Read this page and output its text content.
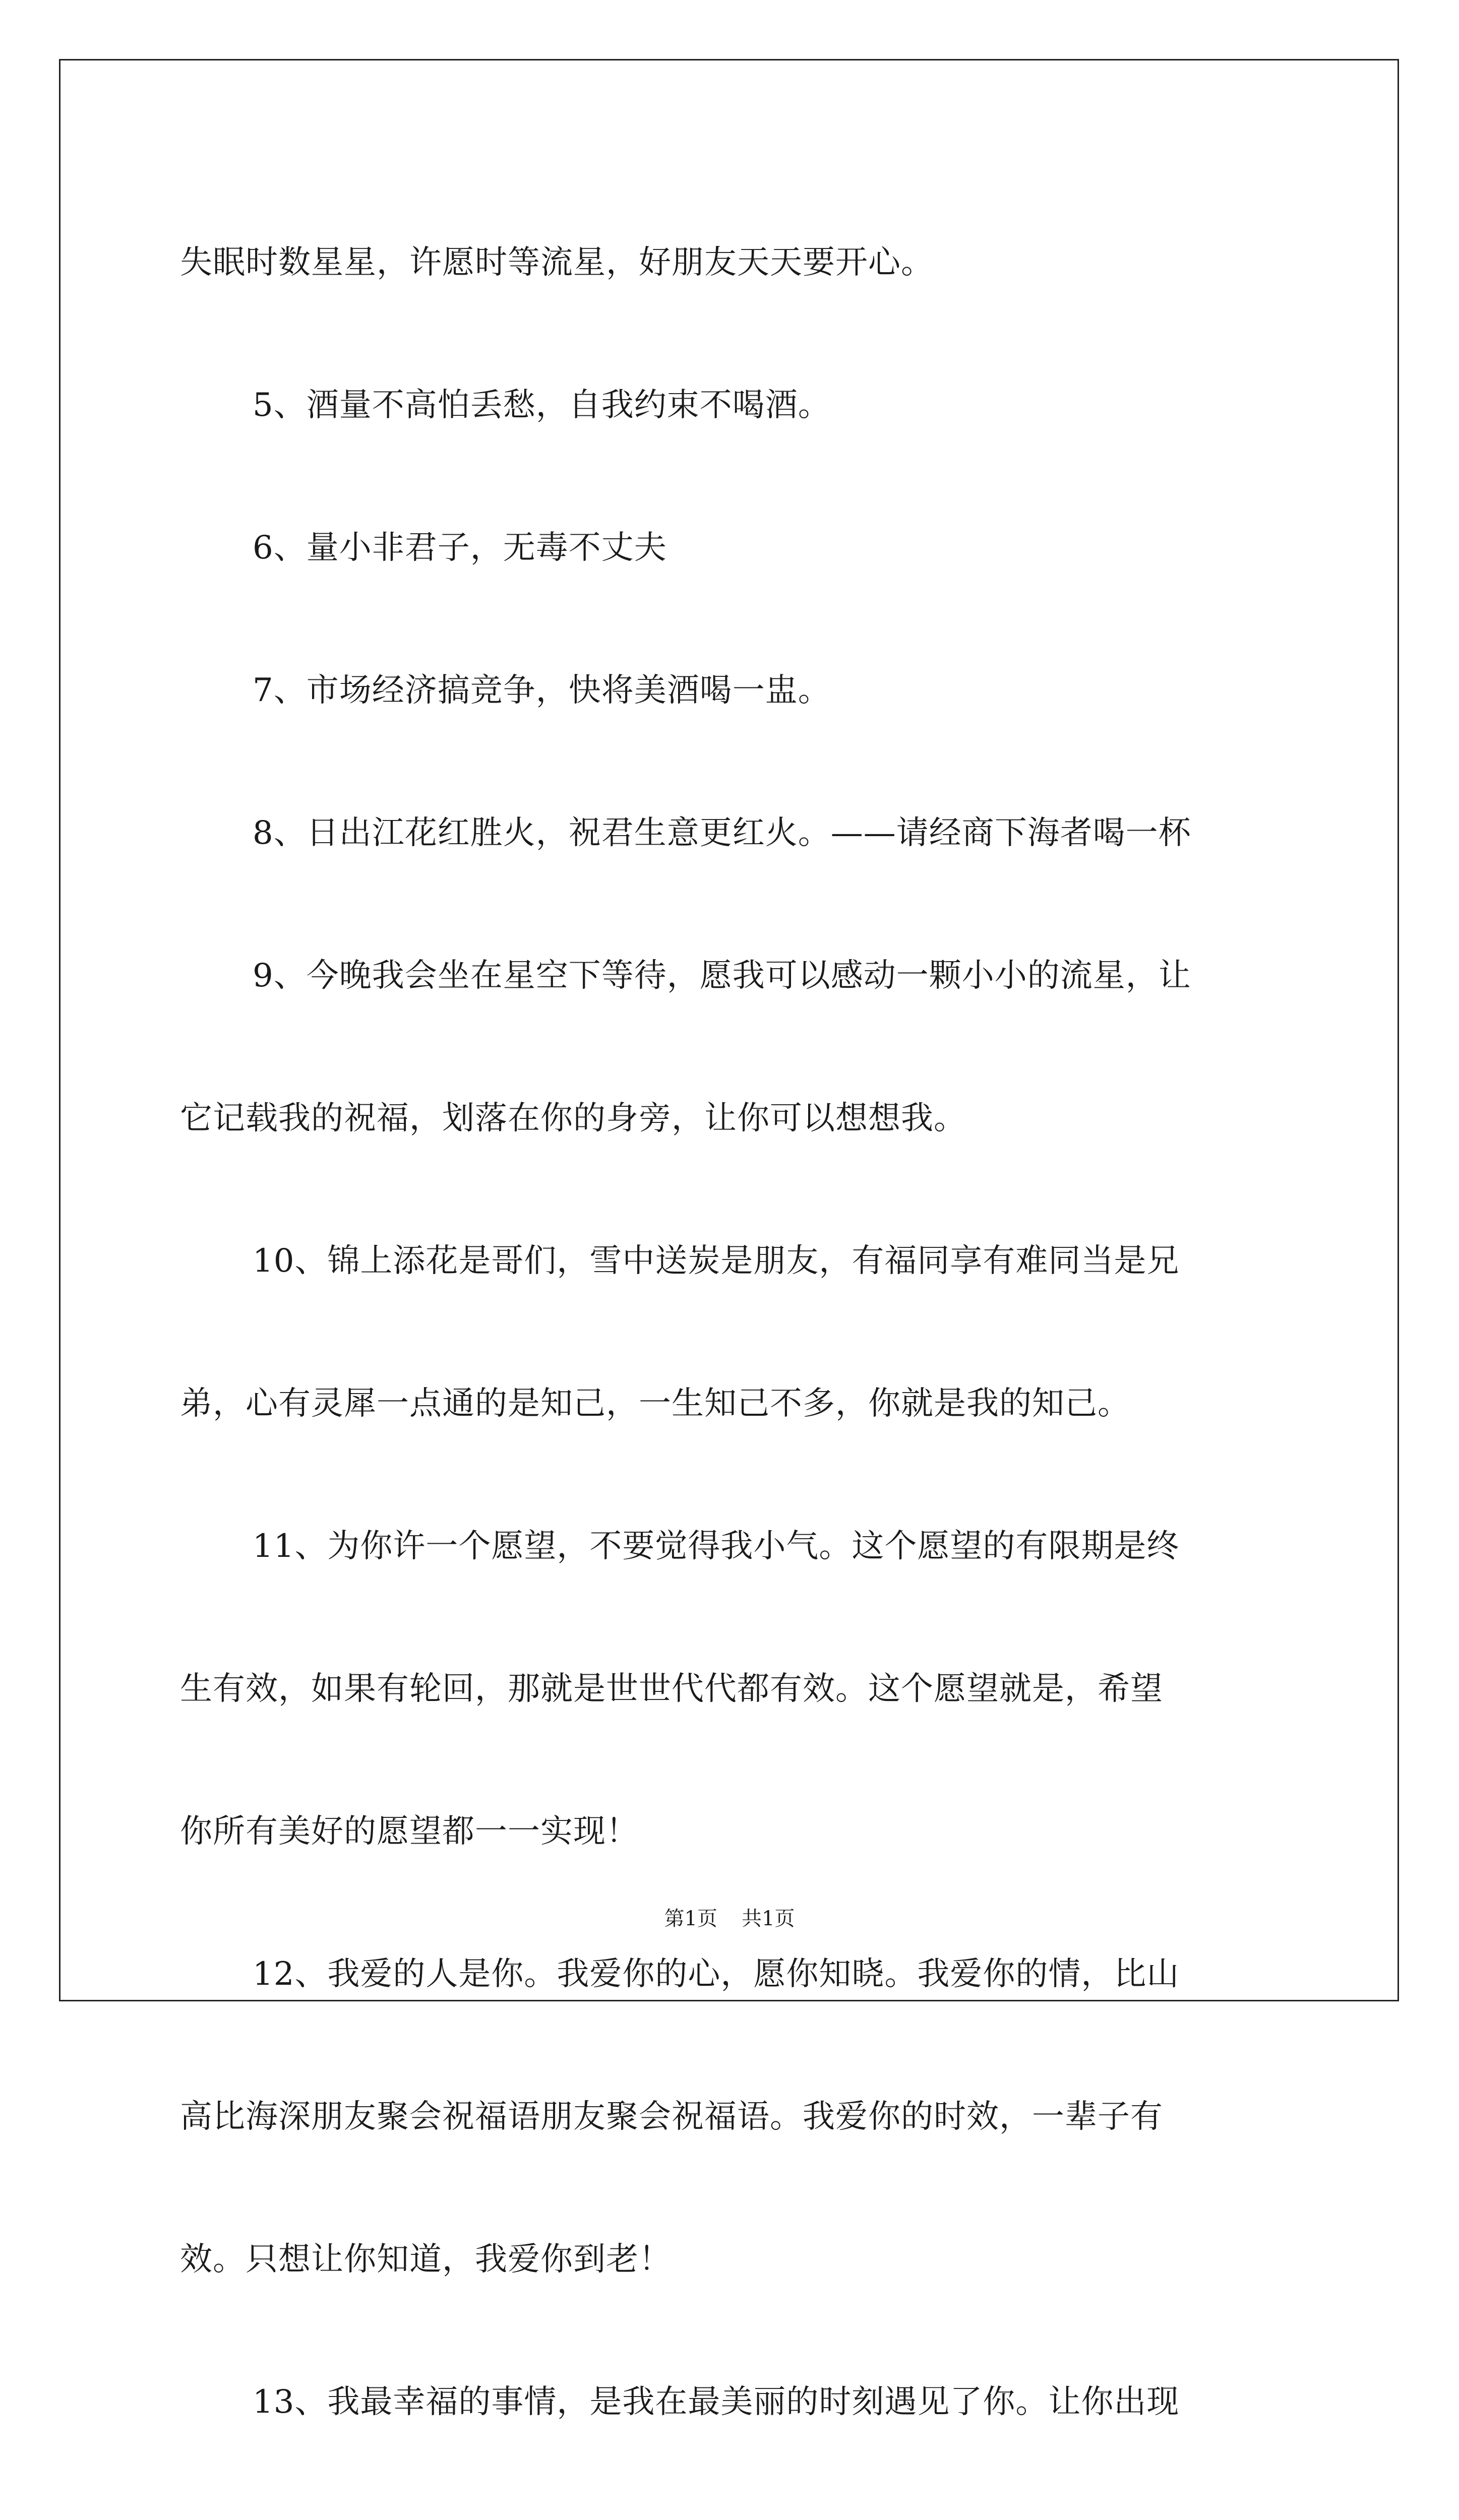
失眠时数星星，许愿时等流星，好朋友天天要开心。

5、酒量不高怕丢愁，自我约束不喝酒。

6、量小非君子，无毒不丈夫

7、市场经济搞竞争，快将美酒喝一盅。

8、日出江花红胜火，祝君生意更红火。——请经商下海者喝一杯

9、今晚我会坐在星空下等待，愿我可以感动一颗小小的流星，让

它记载我的祝福，划落在你的身旁，让你可以想想我。

10、锦上添花是哥们，雪中送炭是朋友，有福同享有难同当是兄

弟，心有灵犀一点通的是知己，一生知己不多，你就是我的知己。

11、为你许一个愿望，不要觉得我小气。这个愿望的有限期是终

生有效，如果有轮回，那就是世世代代都有效。这个愿望就是，希望

你所有美好的愿望都一一实现！

12、我爱的人是你。我爱你的心，愿你知晓。我爱你的情，比山

高比海深朋友聚会祝福语朋友聚会祝福语。我爱你的时效，一辈子有

效。只想让你知道，我爱你到老！

13、我最幸福的事情，是我在最美丽的时刻遇见了你。让你出现

第1页 共1页
